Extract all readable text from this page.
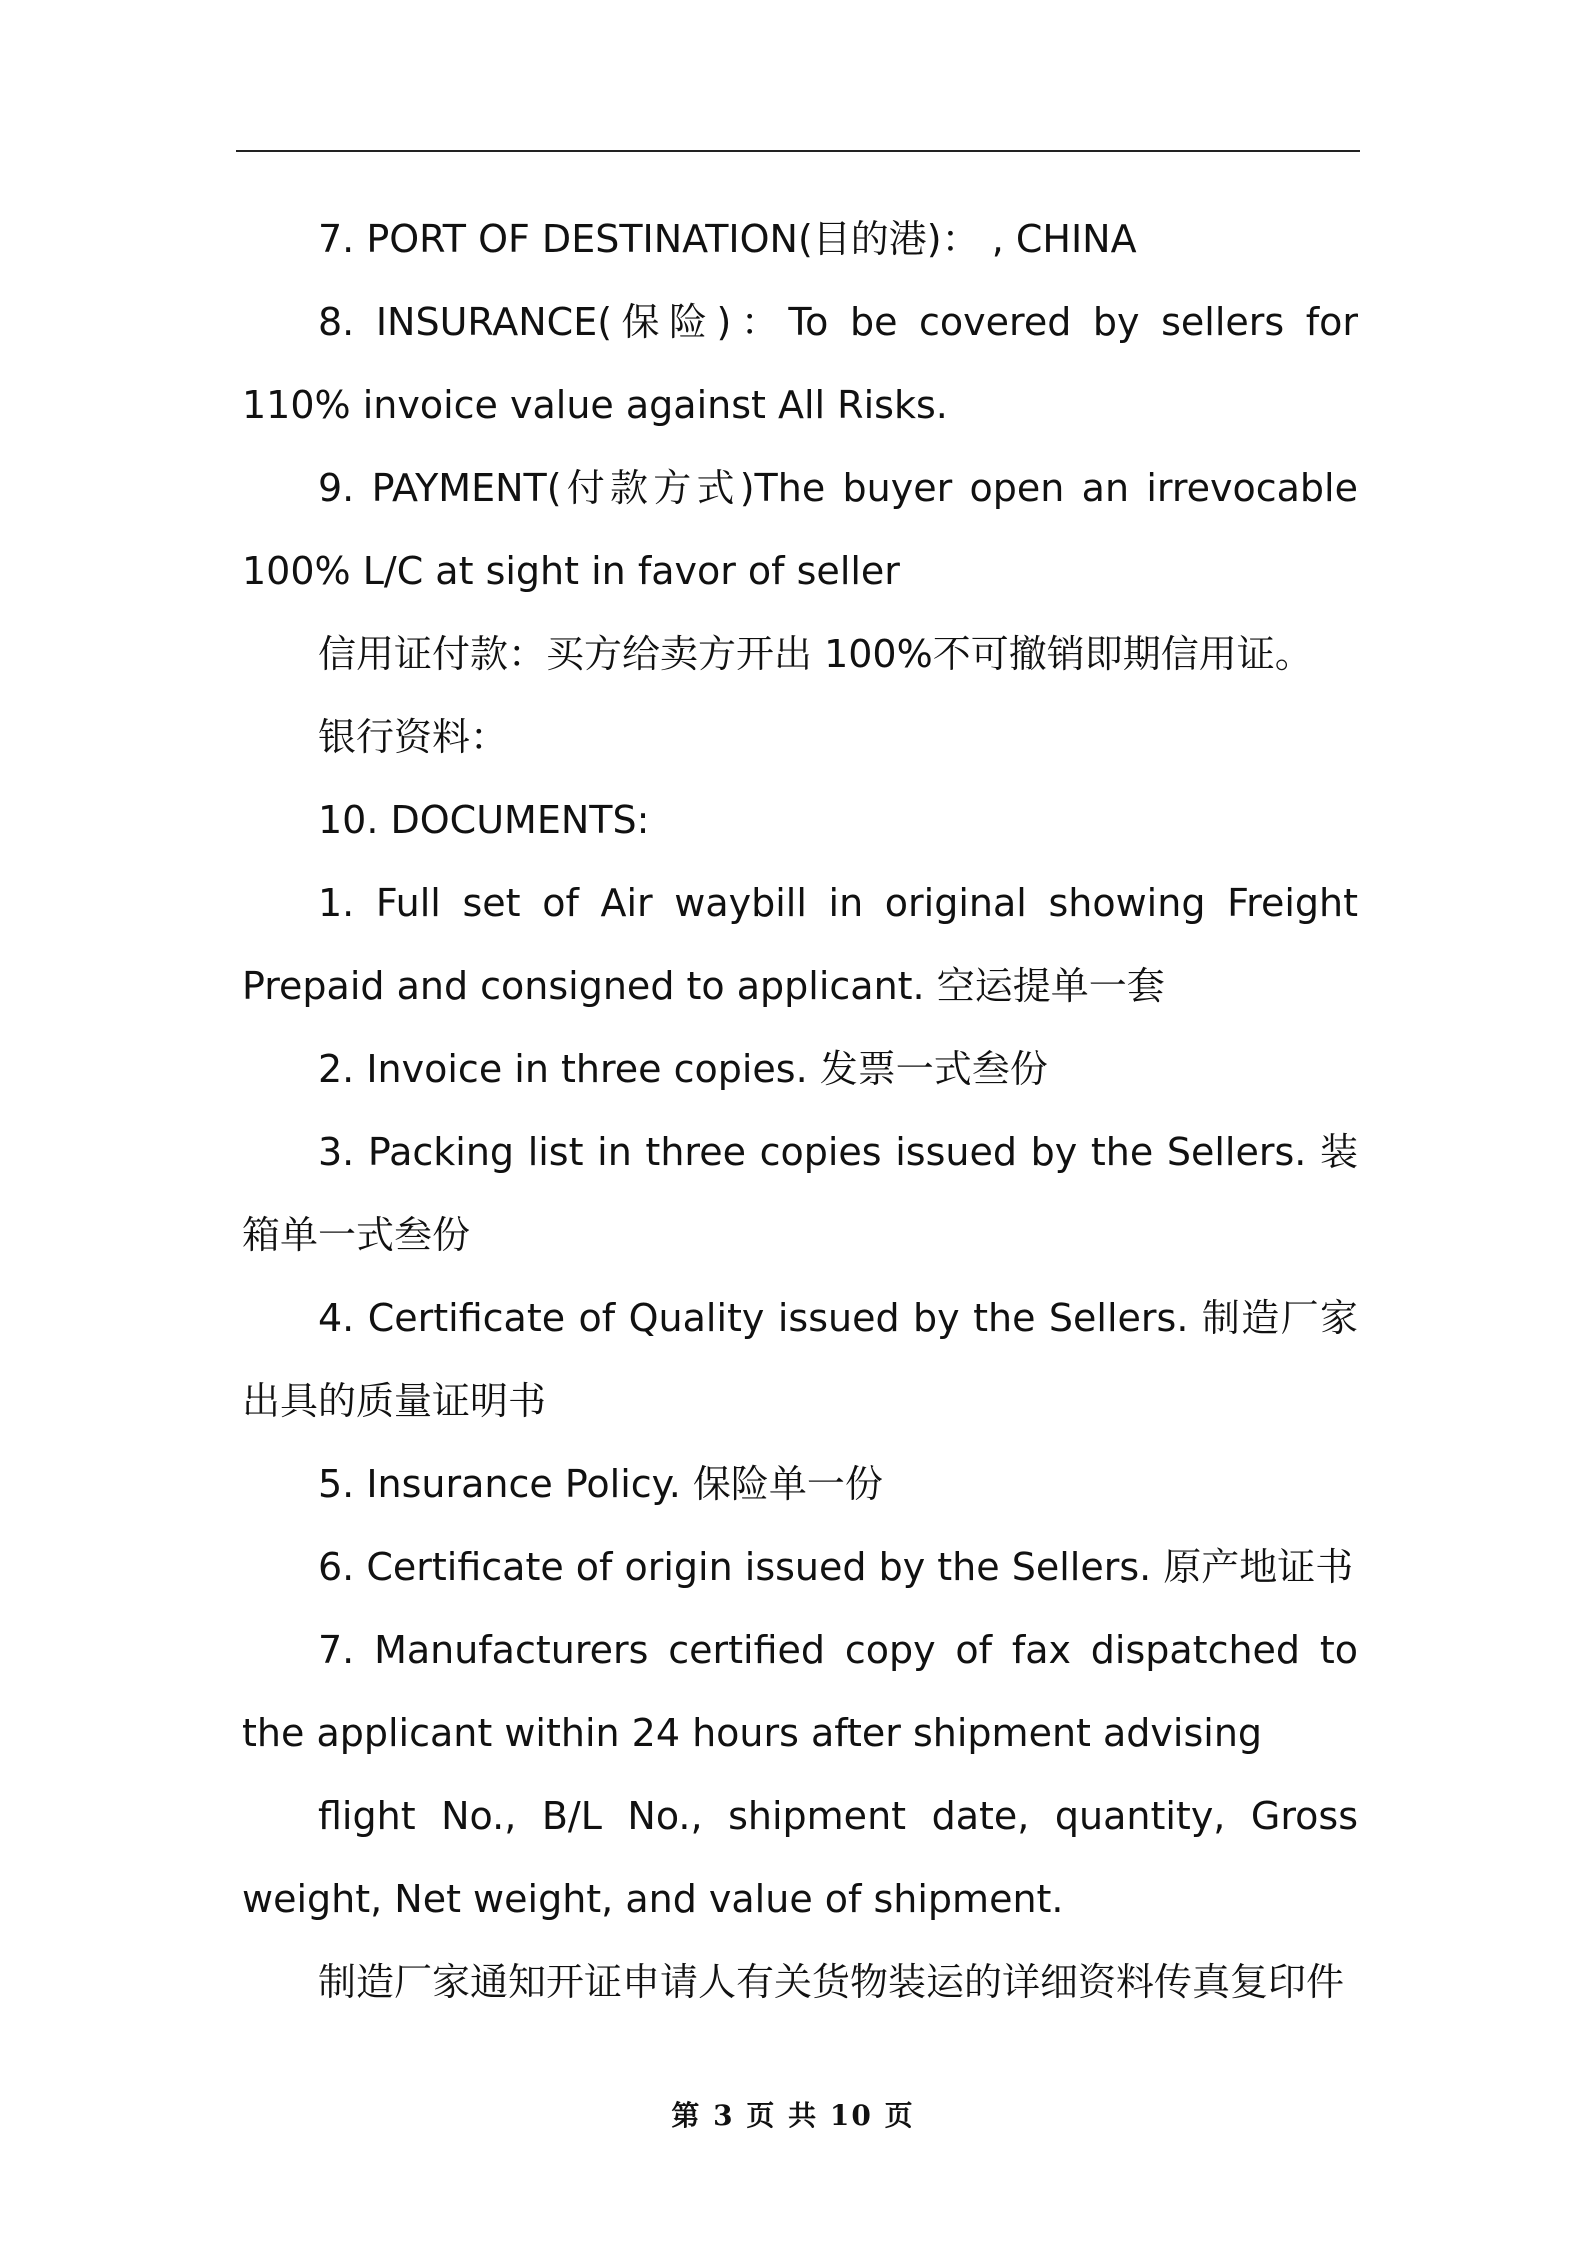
7. PORT OF DESTINATION(目的港)： , CHINA

8. INSURANCE(保险)：To be covered by sellers for 110% invoice value against All Risks.

9. PAYMENT(付款方式)The buyer open an irrevocable 100% L/C at sight in favor of seller

信用证付款：买方给卖方开出 100%不可撤销即期信用证。

银行资料：

10. DOCUMENTS:

1. Full set of Air waybill in original showing Freight Prepaid and consigned to applicant. 空运提单一套

2. Invoice in three copies. 发票一式叁份

3. Packing list in three copies issued by the Sellers. 装箱单一式叁份

4. Certificate of Quality issued by the Sellers. 制造厂家出具的质量证明书

5. Insurance Policy. 保险单一份

6. Certificate of origin issued by the Sellers. 原产地证书

7. Manufacturers certified copy of fax dispatched to the applicant within 24 hours after shipment advising

flight No., B/L No., shipment date, quantity, Gross weight, Net weight, and value of shipment.

制造厂家通知开证申请人有关货物装运的详细资料传真复印件

第 3 页 共 10 页
